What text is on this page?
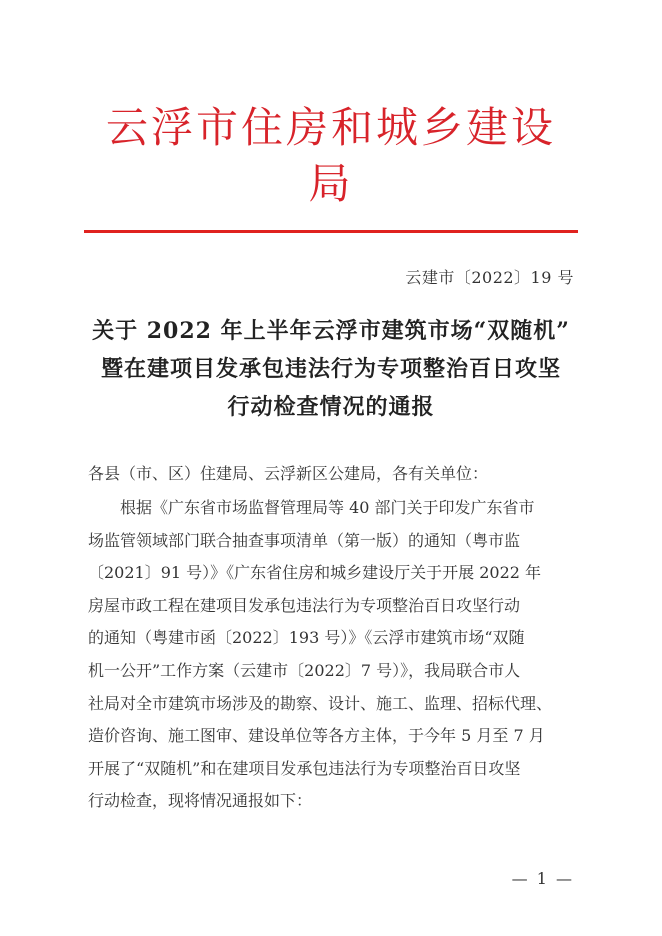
云浮市住房和城乡建设
局
云建市〔2022〕19 号
关于 2022 年上半年云浮市建筑市场“双随机”
暨在建项目发承包违法行为专项整治百日攻坚
行动检查情况的通报
各县（市、区）住建局、云浮新区公建局，各有关单位：
根据《广东省市场监督管理局等 40 部门关于印发广东省市
场监管领域部门联合抽查事项清单（第一版）的通知（粤市监
〔2021〕91 号）》《广东省住房和城乡建设厅关于开展 2022 年
房屋市政工程在建项目发承包违法行为专项整治百日攻坚行动
的通知（粤建市函〔2022〕193 号）》《云浮市建筑市场“双随
机一公开”工作方案（云建市〔2022〕7 号）》，我局联合市人
社局对全市建筑市场涉及的勘察、设计、施工、监理、招标代理、
造价咨询、施工图审、建设单位等各方主体，于今年 5 月至 7 月
开展了“双随机”和在建项目发承包违法行为专项整治百日攻坚
行动检查，现将情况通报如下：
— 1 —
